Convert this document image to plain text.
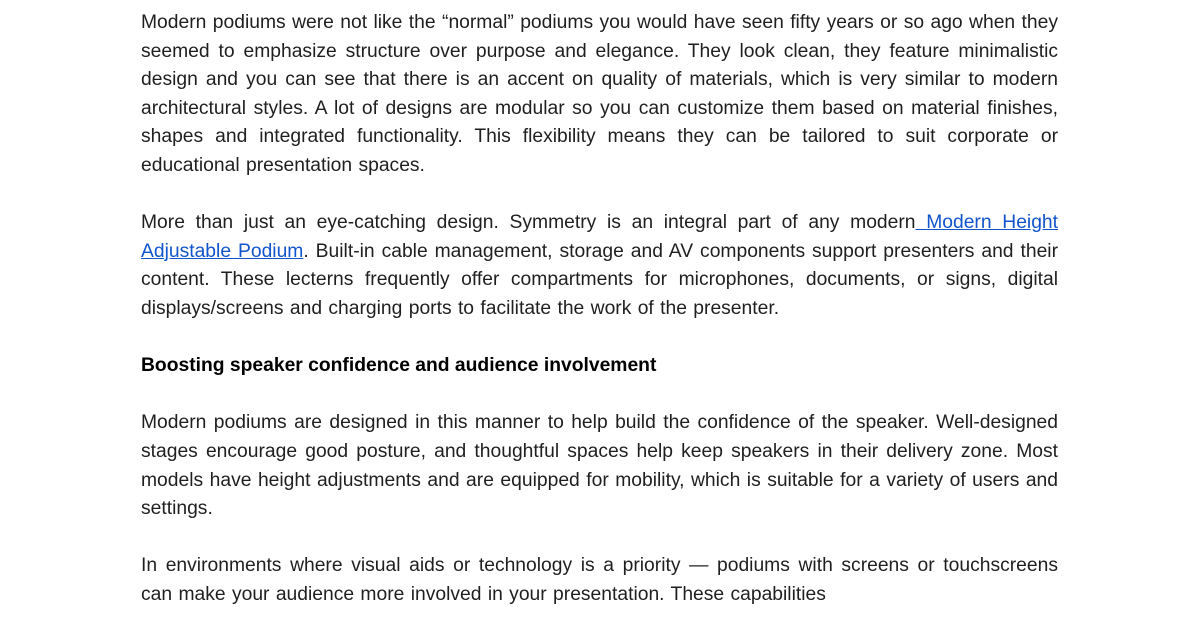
Modern podiums were not like the “normal” podiums you would have seen fifty years or so ago when they seemed to emphasize structure over purpose and elegance. They look clean, they feature minimalistic design and you can see that there is an accent on quality of materials, which is very similar to modern architectural styles. A lot of designs are modular so you can customize them based on material finishes, shapes and integrated functionality. This flexibility means they can be tailored to suit corporate or educational presentation spaces.

More than just an eye-catching design. Symmetry is an integral part of any modern Modern Height Adjustable Podium. Built-in cable management, storage and AV components support presenters and their content. These lecterns frequently offer compartments for microphones, documents, or signs, digital displays/screens and charging ports to facilitate the work of the presenter.

Boosting speaker confidence and audience involvement

Modern podiums are designed in this manner to help build the confidence of the speaker. Well-designed stages encourage good posture, and thoughtful spaces help keep speakers in their delivery zone. Most models have height adjustments and are equipped for mobility, which is suitable for a variety of users and settings.

In environments where visual aids or technology is a priority — podiums with screens or touchscreens can make your audience more involved in your presentation. These capabilities
